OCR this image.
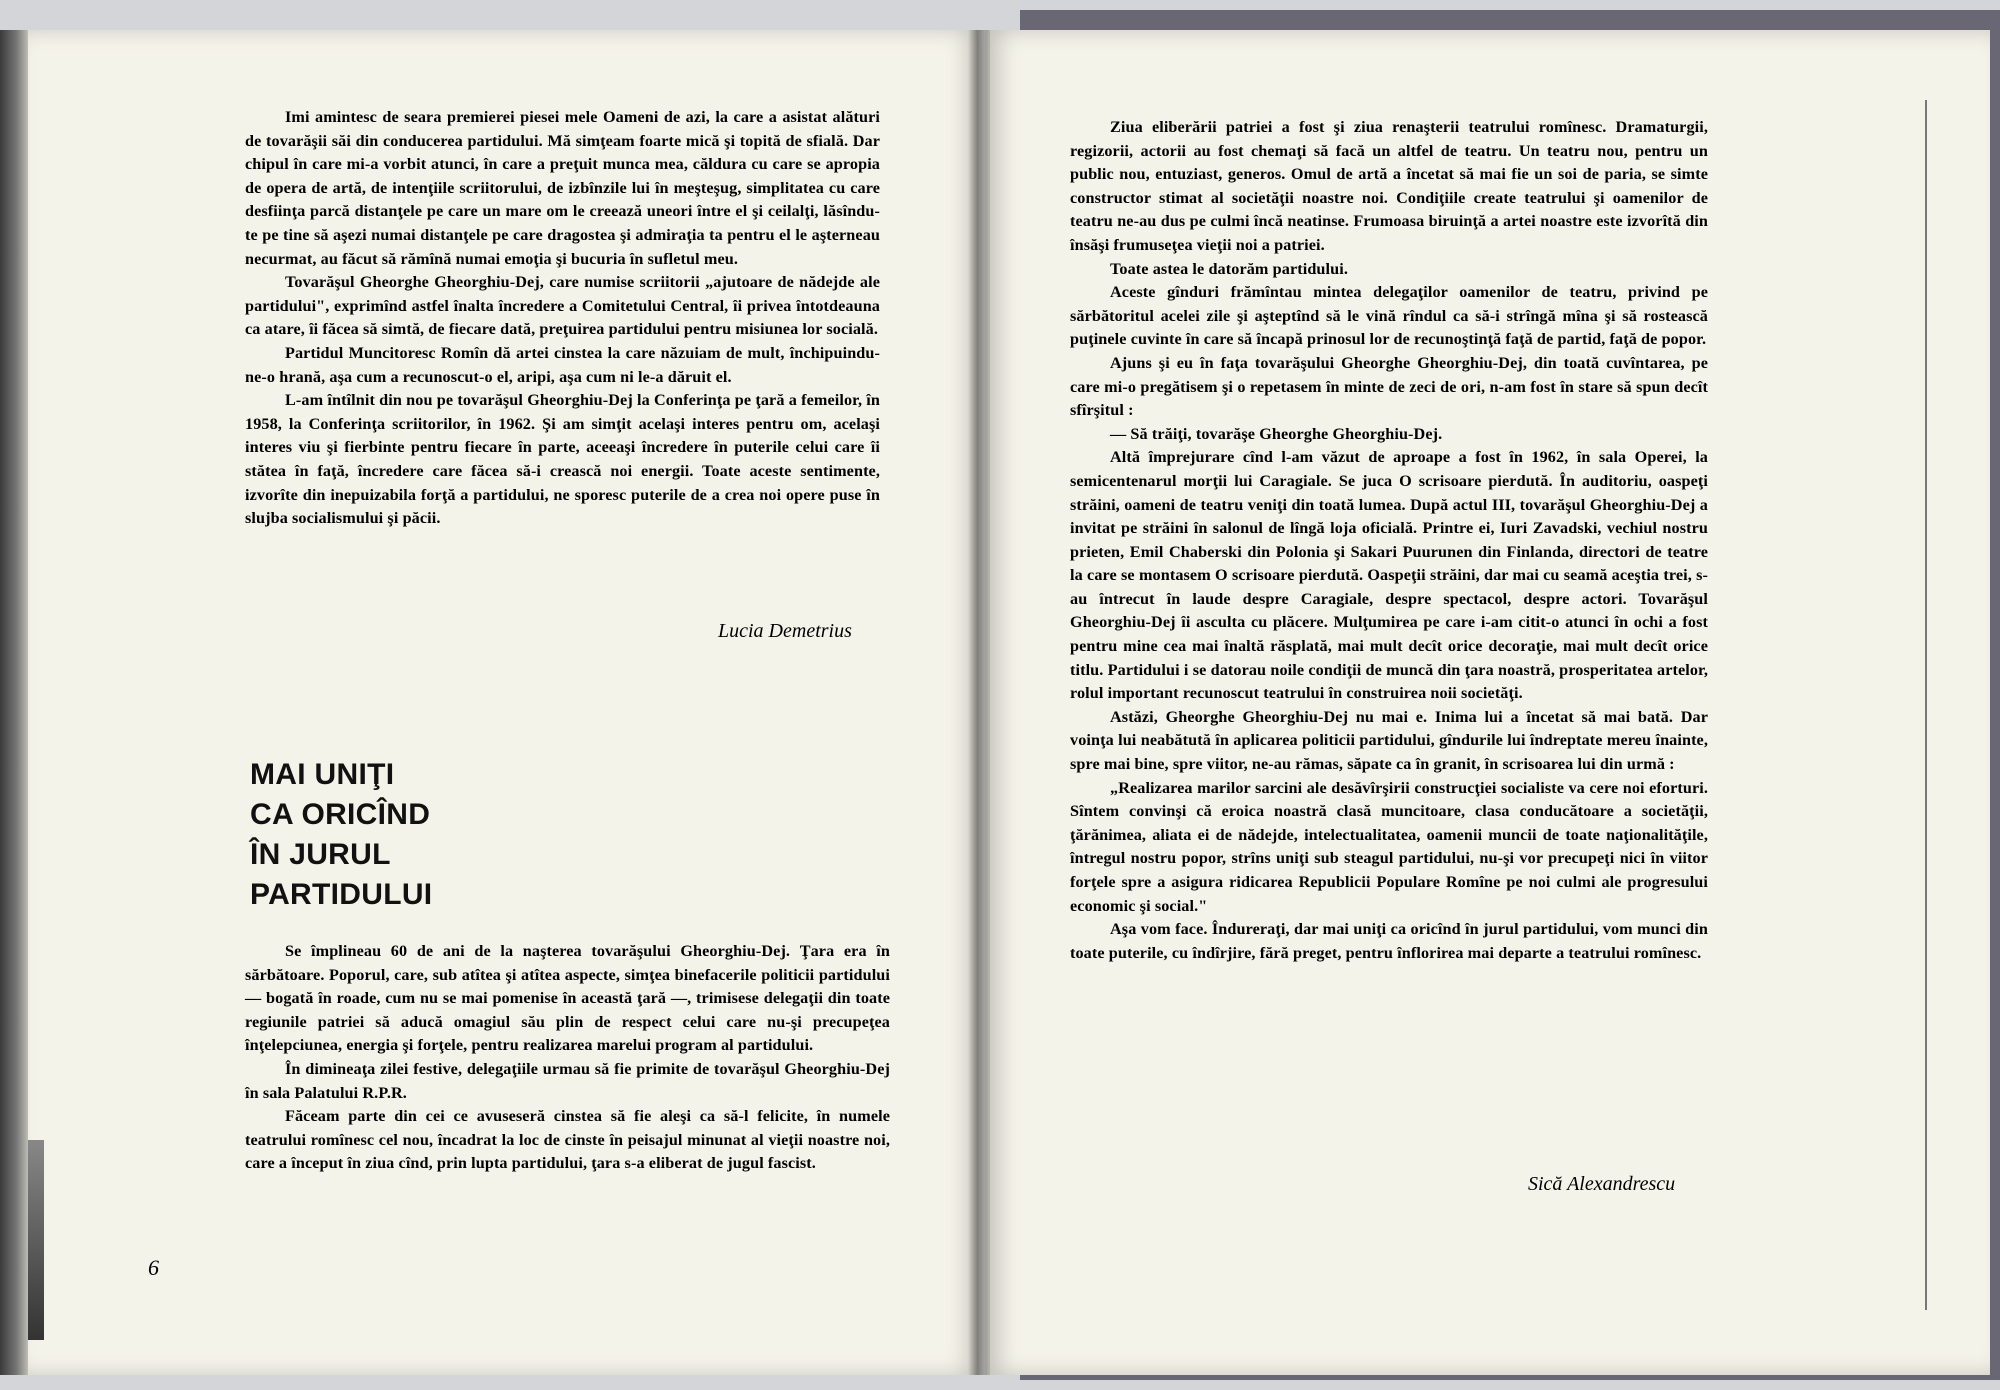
Imi amintesc de seara premierei piesei mele Oameni de azi, la care a asistat alături de tovarăşii săi din conducerea partidului. Mă simţeam foarte mică şi topită de sfială. Dar chipul în care mi-a vorbit atunci, în care a preţuit munca mea, căldura cu care se apropia de opera de artă, de intenţiile scriitorului, de izbînzile lui în meşteşug, simplitatea cu care desfiinţa parcă distanţele pe care un mare om le creează uneori între el şi ceilalţi, lăsîndu-te pe tine să aşezi numai distanţele pe care dragostea şi admiraţia ta pentru el le aşterneau necurmat, au făcut să rămînă numai emoţia şi bucuria în sufletul meu.

Tovarăşul Gheorghe Gheorghiu-Dej, care numise scriitorii „ajutoare de nădejde ale partidului", exprimînd astfel înalta încredere a Comitetului Central, îi privea întotdeauna ca atare, îi făcea să simtă, de fiecare dată, preţuirea partidului pentru misiunea lor socială.

Partidul Muncitoresc Romîn dă artei cinstea la care năzuiam de mult, închipuindu-ne-o hrană, aşa cum a recunoscut-o el, aripi, aşa cum ni le-a dăruit el.

L-am întîlnit din nou pe tovarăşul Gheorghiu-Dej la Conferinţa pe ţară a femeilor, în 1958, la Conferinţa scriitorilor, în 1962. Şi am simţit acelaşi interes pentru om, acelaşi interes viu şi fierbinte pentru fiecare în parte, aceeaşi încredere în puterile celui care îi stătea în faţă, încredere care făcea să-i crească noi energii. Toate aceste sentimente, izvorîte din inepuizabila forţă a partidului, ne sporesc puterile de a crea noi opere puse în slujba socialismului şi păcii.

Lucia Demetrius
MAI UNIŢI
CA ORICÎND
ÎN JURUL
PARTIDULUI

Se împlineau 60 de ani de la naşterea tovarăşului Gheorghiu-Dej. Ţara era în sărbătoare. Poporul, care, sub atîtea şi atîtea aspecte, simţea binefacerile politicii partidului — bogată în roade, cum nu se mai pomenise în această ţară —, trimisese delegaţii din toate regiunile patriei să aducă omagiul său plin de respect celui care nu-şi precupeţea înţelepciunea, energia şi forţele, pentru realizarea marelui program al partidului.

În dimineaţa zilei festive, delegaţiile urmau să fie primite de tovarăşul Gheorghiu-Dej în sala Palatului R.P.R.

Făceam parte din cei ce avuseseră cinstea să fie aleşi ca să-l felicite, în numele teatrului romînesc cel nou, încadrat la loc de cinste în peisajul minunat al vieţii noastre noi, care a început în ziua cînd, prin lupta partidului, ţara s-a eliberat de jugul fascist.

6

Ziua eliberării patriei a fost şi ziua renaşterii teatrului romînesc. Dramaturgii, regizorii, actorii au fost chemaţi să facă un altfel de teatru. Un teatru nou, pentru un public nou, entuziast, generos. Omul de artă a încetat să mai fie un soi de paria, se simte constructor stimat al societăţii noastre noi. Condiţiile create teatrului şi oamenilor de teatru ne-au dus pe culmi încă neatinse. Frumoasa biruinţă a artei noastre este izvorîtă din însăşi frumuseţea vieţii noi a patriei.

Toate astea le datorăm partidului.

Aceste gînduri frămîntau mintea delegaţilor oamenilor de teatru, privind pe sărbătoritul acelei zile şi aşteptînd să le vină rîndul ca să-i strîngă mîna şi să rostească puţinele cuvinte în care să încapă prinosul lor de recunoştinţă faţă de partid, faţă de popor.

Ajuns şi eu în faţa tovarăşului Gheorghe Gheorghiu-Dej, din toată cuvîntarea, pe care mi-o pregătisem şi o repetasem în minte de zeci de ori, n-am fost în stare să spun decît sfîrşitul :

— Să trăiţi, tovarăşe Gheorghe Gheorghiu-Dej.

Altă împrejurare cînd l-am văzut de aproape a fost în 1962, în sala Operei, la semicentenarul morţii lui Caragiale. Se juca O scrisoare pierdută. În auditoriu, oaspeţi străini, oameni de teatru veniţi din toată lumea. După actul III, tovarăşul Gheorghiu-Dej a invitat pe străini în salonul de lîngă loja oficială. Printre ei, Iuri Zavadski, vechiul nostru prieten, Emil Chaberski din Polonia şi Sakari Puurunen din Finlanda, directori de teatre la care se montasem O scrisoare pierdută. Oaspeţii străini, dar mai cu seamă aceştia trei, s-au întrecut în laude despre Caragiale, despre spectacol, despre actori. Tovarăşul Gheorghiu-Dej îi asculta cu plăcere. Mulţumirea pe care i-am citit-o atunci în ochi a fost pentru mine cea mai înaltă răsplată, mai mult decît orice decoraţie, mai mult decît orice titlu. Partidului i se datorau noile condiţii de muncă din ţara noastră, prosperitatea artelor, rolul important recunoscut teatrului în construirea noii societăţi.

Astăzi, Gheorghe Gheorghiu-Dej nu mai e. Inima lui a încetat să mai bată. Dar voinţa lui neabătută în aplicarea politicii partidului, gîndurile lui îndreptate mereu înainte, spre mai bine, spre viitor, ne-au rămas, săpate ca în granit, în scrisoarea lui din urmă :

„Realizarea marilor sarcini ale desăvîrşirii construcţiei socialiste va cere noi eforturi. Sîntem convinşi că eroica noastră clasă muncitoare, clasa conducătoare a societăţii, ţărănimea, aliata ei de nădejde, intelectualitatea, oamenii muncii de toate naţionalităţile, întregul nostru popor, strîns uniţi sub steagul partidului, nu-şi vor precupeţi nici în viitor forţele spre a asigura ridicarea Republicii Populare Romîne pe noi culmi ale progresului economic şi social."

Aşa vom face. Îndureraţi, dar mai uniţi ca oricînd în jurul partidului, vom munci din toate puterile, cu îndîrjire, fără preget, pentru înflorirea mai departe a teatrului romînesc.

Sică Alexandrescu
